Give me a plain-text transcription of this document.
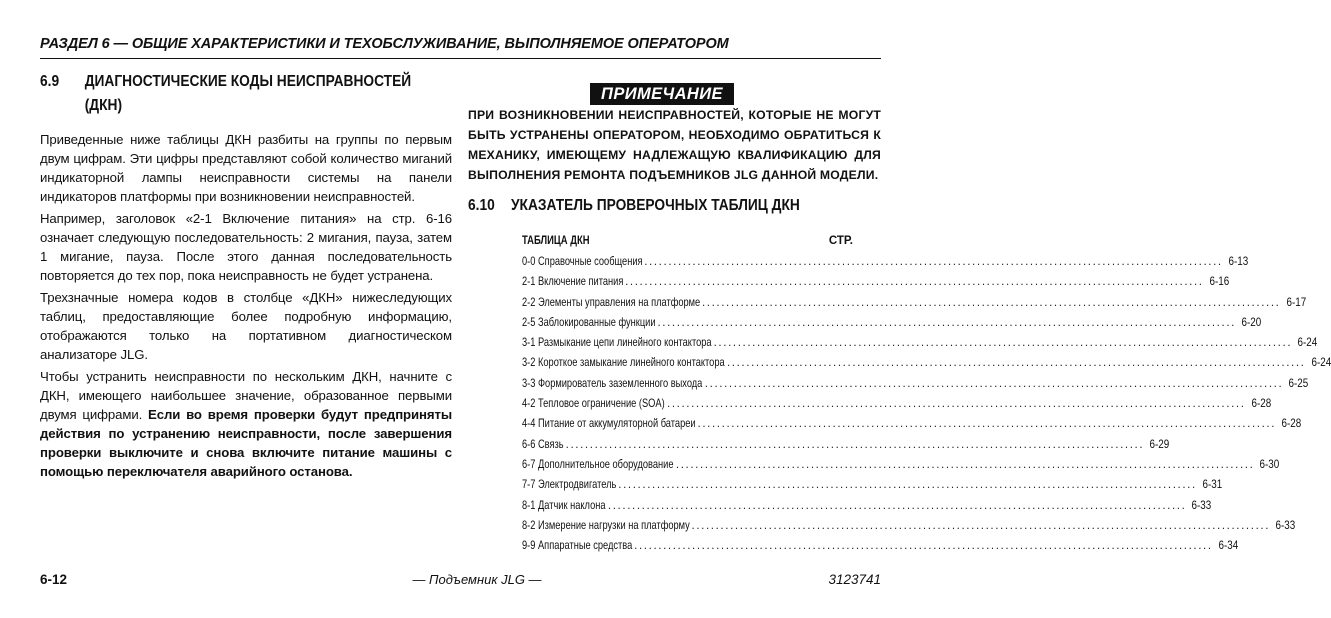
РАЗДЕЛ 6 — ОБЩИЕ ХАРАКТЕРИСТИКИ И ТЕХОБСЛУЖИВАНИЕ, ВЫПОЛНЯЕМОЕ ОПЕРАТОРОМ
6.9 ДИАГНОСТИЧЕСКИЕ КОДЫ НЕИСПРАВНОСТЕЙ
(ДКН)

Приведенные ниже таблицы ДКН разбиты на группы по первым двум цифрам. Эти цифры представляют собой количество миганий индикаторной лампы неисправности системы на панели индикаторов платформы при возникновении неисправностей.

Например, заголовок «2-1 Включение питания» на стр. 6-16 означает следующую последовательность: 2 мигания, пауза, затем 1 мигание, пауза. После этого данная последовательность повторяется до тех пор, пока неисправность не будет устранена.

Трехзначные номера кодов в столбце «ДКН» нижеследующих таблиц, предоставляющие более подробную информацию, отображаются только на портативном диагностическом анализаторе JLG.

Чтобы устранить неисправности по нескольким ДКН, начните с ДКН, имеющего наибольшее значение, образованное первыми двумя цифрами. Если во время проверки будут предприняты действия по устранению неисправности, после завершения проверки выключите и снова включите питание машины с помощью переключателя аварийного останова.

ПРИМЕЧАНИЕ
ПРИ ВОЗНИКНОВЕНИИ НЕИСПРАВНОСТЕЙ, КОТОРЫЕ НЕ МОГУТ БЫТЬ УСТРАНЕНЫ ОПЕРАТОРОМ, НЕОБХОДИМО ОБРАТИТЬСЯ К МЕХАНИКУ, ИМЕЮЩЕМУ НАДЛЕЖАЩУЮ КВАЛИФИКАЦИЮ ДЛЯ ВЫПОЛНЕНИЯ РЕМОНТА ПОДЪЕМНИКОВ JLG ДАННОЙ МОДЕЛИ.
6.10 УКАЗАТЕЛЬ ПРОВЕРОЧНЫХ ТАБЛИЦ ДКН
ТАБЛИЦА ДКН	СТР.
0-0 Справочные сообщения ........................................................................................................................ 6-13
2-1 Включение питания ........................................................................................................................ 6-16
2-2 Элементы управления на платформе ........................................................................................................................ 6-17
2-5 Заблокированные функции ........................................................................................................................ 6-20
3-1 Размыкание цепи линейного контактора ........................................................................................................................ 6-24
3-2 Короткое замыкание линейного контактора ........................................................................................................................ 6-24
3-3 Формирователь заземленного выхода ........................................................................................................................ 6-25
4-2 Тепловое ограничение (SOA) ........................................................................................................................ 6-28
4-4 Питание от аккумуляторной батареи ........................................................................................................................ 6-28
6-6 Связь ........................................................................................................................ 6-29
6-7 Дополнительное оборудование ........................................................................................................................ 6-30
7-7 Электродвигатель ........................................................................................................................ 6-31
8-1 Датчик наклона ........................................................................................................................ 6-33
8-2 Измерение нагрузки на платформу ........................................................................................................................ 6-33
9-9 Аппаратные средства ........................................................................................................................ 6-34
6-12	— Подъемник JLG —	3123741
